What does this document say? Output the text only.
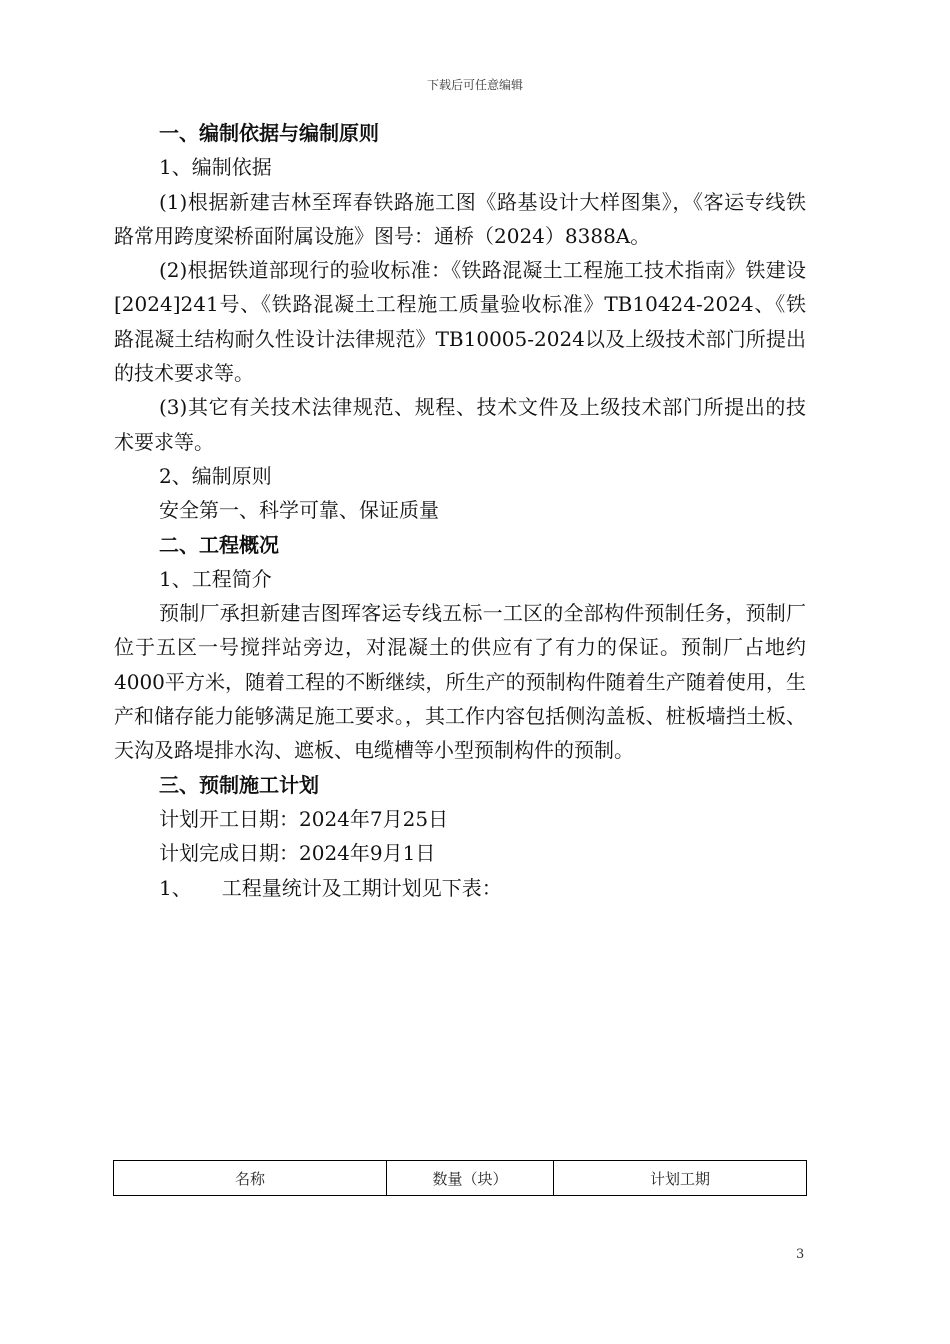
下载后可任意编辑

一、编制依据与编制原则

1、编制依据

(1)根据新建吉林至珲春铁路施工图《路基设计大样图集》，《客运专线铁路常用跨度梁桥面附属设施》图号：通桥（2024）8388A。

(2)根据铁道部现行的验收标准：《铁路混凝土工程施工技术指南》铁建设[2024]241号、《铁路混凝土工程施工质量验收标准》TB10424-2024、《铁路混凝土结构耐久性设计法律规范》TB10005-2024以及上级技术部门所提出的技术要求等。

(3)其它有关技术法律规范、规程、技术文件及上级技术部门所提出的技术要求等。

2、编制原则

安全第一、科学可靠、保证质量

二、工程概况

1、工程简介

预制厂承担新建吉图珲客运专线五标一工区的全部构件预制任务，预制厂位于五区一号搅拌站旁边，对混凝土的供应有了有力的保证。预制厂占地约4000平方米，随着工程的不断继续，所生产的预制构件随着生产随着使用，生产和储存能力能够满足施工要求。，其工作内容包括侧沟盖板、桩板墙挡土板、天沟及路堤排水沟、遮板、电缆槽等小型预制构件的预制。

三、预制施工计划

计划开工日期：2024年7月25日

计划完成日期：2024年9月1日

1、 工程量统计及工期计划见下表：

名称	数量（块）	计划工期
3
